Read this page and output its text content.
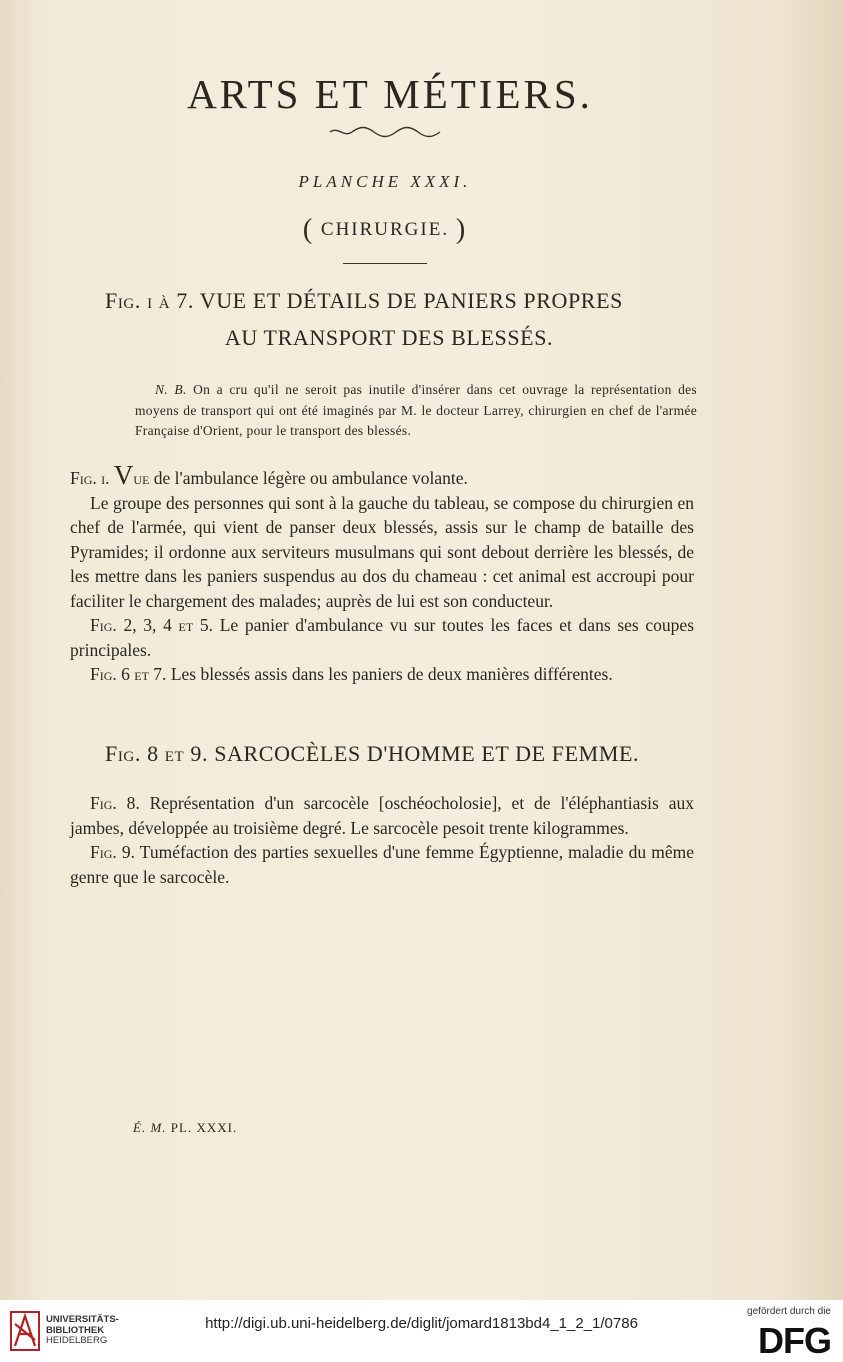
ARTS ET MÉTIERS.
PLANCHE XXXI.
( CHIRURGIE. )
Fig. i à 7. VUE ET DÉTAILS DE PANIERS PROPRES
AU TRANSPORT DES BLESSÉS.
N. B. On a cru qu'il ne seroit pas inutile d'insérer dans cet ouvrage la représentation des moyens de transport qui ont été imaginés par M. le docteur Larrey, chirurgien en chef de l'armée Française d'Orient, pour le transport des blessés.

Fig. i. Vue de l'ambulance légère ou ambulance volante.

Le groupe des personnes qui sont à la gauche du tableau, se compose du chirurgien en chef de l'armée, qui vient de panser deux blessés, assis sur le champ de bataille des Pyramides; il ordonne aux serviteurs musulmans qui sont debout derrière les blessés, de les mettre dans les paniers suspendus au dos du chameau : cet animal est accroupi pour faciliter le chargement des malades; auprès de lui est son conducteur.

Fig. 2, 3, 4 et 5. Le panier d'ambulance vu sur toutes les faces et dans ses coupes principales.

Fig. 6 et 7. Les blessés assis dans les paniers de deux manières différentes.

Fig. 8 et 9. SARCOCÈLES D'HOMME ET DE FEMME.

Fig. 8. Représentation d'un sarcocèle [oschéocholosie], et de l'éléphantiasis aux jambes, développée au troisième degré. Le sarcocèle pesoit trente kilogrammes.

Fig. 9. Tuméfaction des parties sexuelles d'une femme Égyptienne, maladie du même genre que le sarcocèle.

É. M. PL. XXXI.
UNIVERSITÄTS-
BIBLIOTHEK
HEIDELBERG
http://digi.ub.uni-heidelberg.de/diglit/jomard1813bd4_1_2_1/0786
gefördert durch die
DFG
